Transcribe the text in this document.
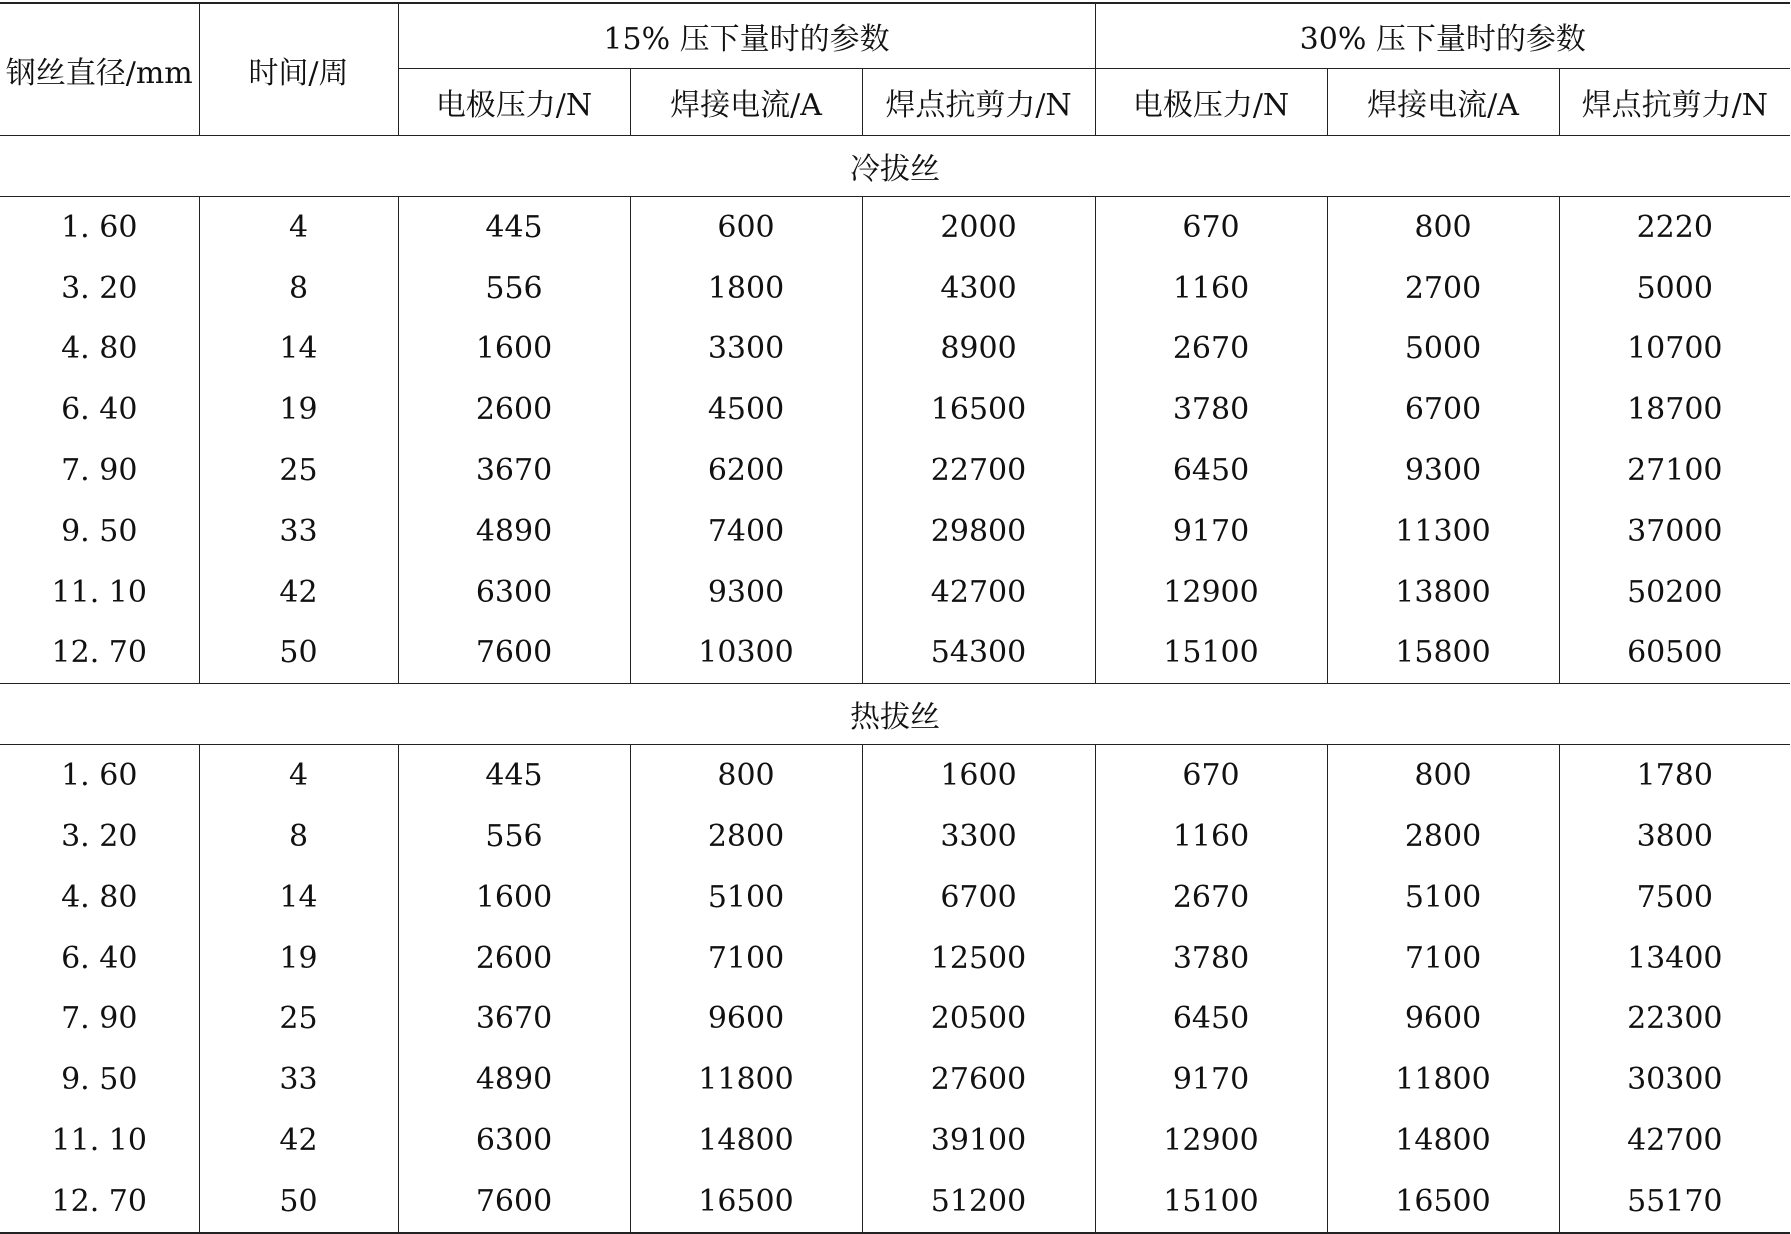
钢丝直径/mm	时间/周	15% 压下量时的参数			30% 压下量时的参数		
		电极压力/N	焊接电流/A	焊点抗剪力/N	电极压力/N	焊接电流/A	焊点抗剪力/N
冷拔丝							
1. 60	4	445	600	2000	670	800	2220
3. 20	8	556	1800	4300	1160	2700	5000
4. 80	14	1600	3300	8900	2670	5000	10700
6. 40	19	2600	4500	16500	3780	6700	18700
7. 90	25	3670	6200	22700	6450	9300	27100
9. 50	33	4890	7400	29800	9170	11300	37000
11. 10	42	6300	9300	42700	12900	13800	50200
12. 70	50	7600	10300	54300	15100	15800	60500
热拔丝							
1. 60	4	445	800	1600	670	800	1780
3. 20	8	556	2800	3300	1160	2800	3800
4. 80	14	1600	5100	6700	2670	5100	7500
6. 40	19	2600	7100	12500	3780	7100	13400
7. 90	25	3670	9600	20500	6450	9600	22300
9. 50	33	4890	11800	27600	9170	11800	30300
11. 10	42	6300	14800	39100	12900	14800	42700
12. 70	50	7600	16500	51200	15100	16500	55170
